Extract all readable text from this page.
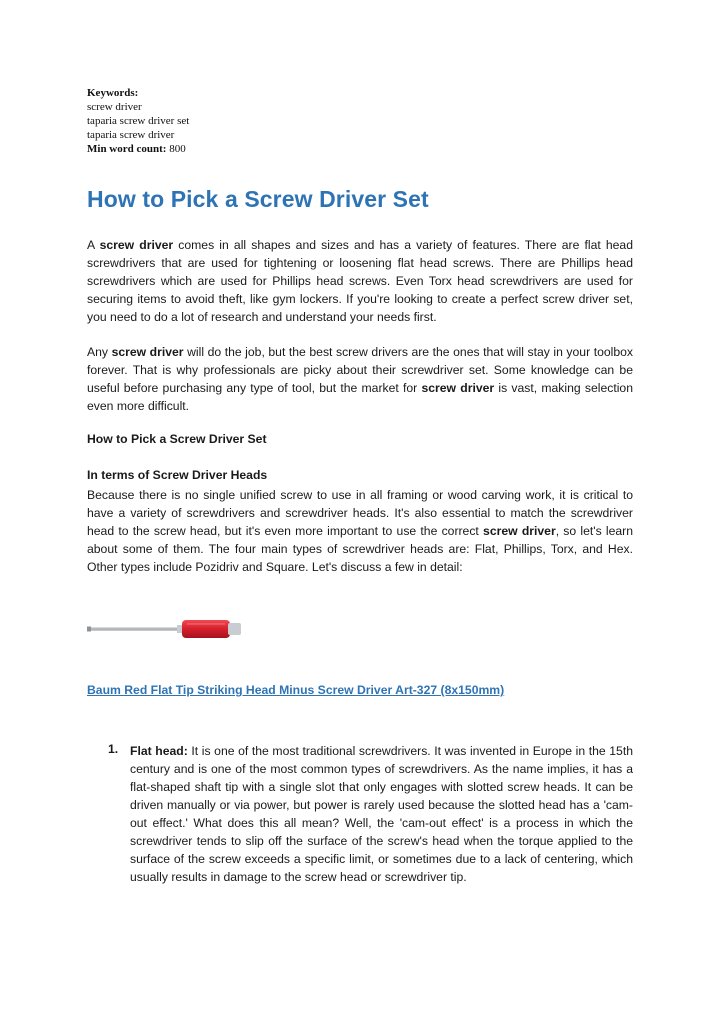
Keywords:
screw driver
taparia screw driver set
taparia screw driver
Min word count: 800
How to Pick a Screw Driver Set
A screw driver comes in all shapes and sizes and has a variety of features. There are flat head screwdrivers that are used for tightening or loosening flat head screws. There are Phillips head screwdrivers which are used for Phillips head screws. Even Torx head screwdrivers are used for securing items to avoid theft, like gym lockers. If you're looking to create a perfect screw driver set, you need to do a lot of research and understand your needs first.
Any screw driver will do the job, but the best screw drivers are the ones that will stay in your toolbox forever. That is why professionals are picky about their screwdriver set. Some knowledge can be useful before purchasing any type of tool, but the market for screw driver is vast, making selection even more difficult.
How to Pick a Screw Driver Set
In terms of Screw Driver Heads
Because there is no single unified screw to use in all framing or wood carving work, it is critical to have a variety of screwdrivers and screwdriver heads. It's also essential to match the screwdriver head to the screw head, but it's even more important to use the correct screw driver, so let's learn about some of them. The four main types of screwdriver heads are: Flat, Phillips, Torx, and Hex. Other types include Pozidriv and Square. Let's discuss a few in detail:
Baum Red Flat Tip Striking Head Minus Screw Driver Art-327 (8x150mm)
1. Flat head: It is one of the most traditional screwdrivers. It was invented in Europe in the 15th century and is one of the most common types of screwdrivers. As the name implies, it has a flat-shaped shaft tip with a single slot that only engages with slotted screw heads. It can be driven manually or via power, but power is rarely used because the slotted head has a 'cam-out effect.' What does this all mean? Well, the 'cam-out effect' is a process in which the screwdriver tends to slip off the surface of the screw's head when the torque applied to the surface of the screw exceeds a specific limit, or sometimes due to a lack of centering, which usually results in damage to the screw head or screwdriver tip.
